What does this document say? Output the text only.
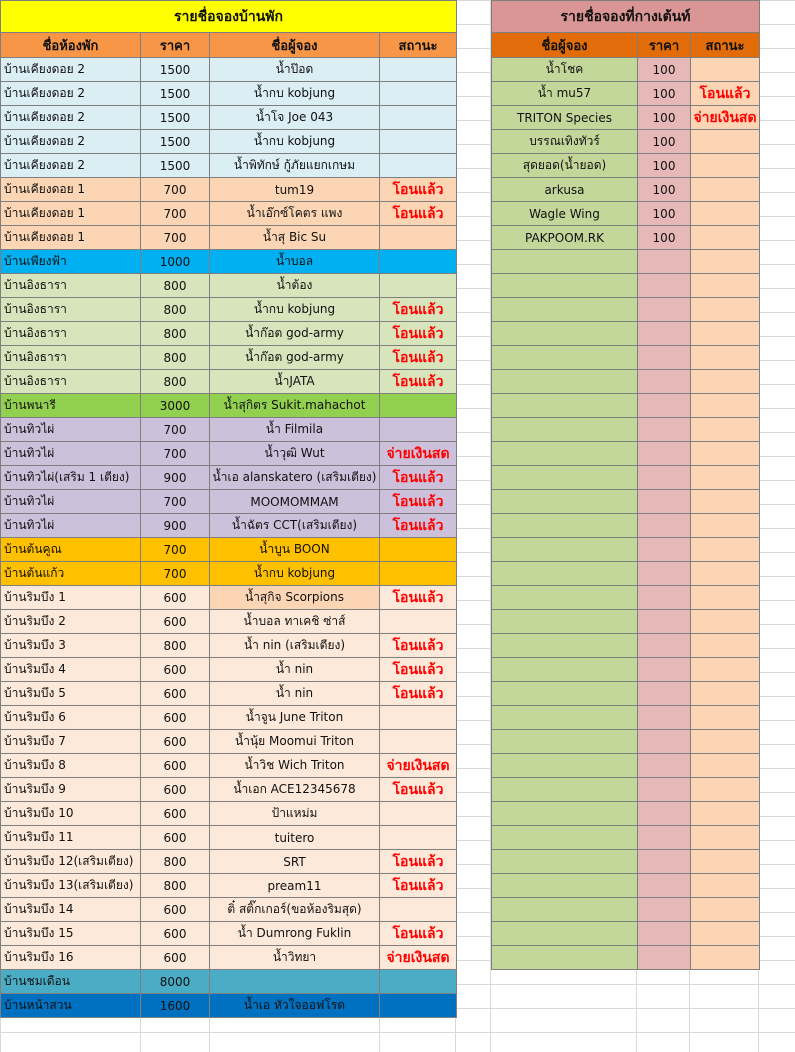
รายชื่อจองบ้านพัก			
ชื่อห้องพัก	ราคา	ชื่อผู้จอง	สถานะ
บ้านเคียงดอย 2	1500	น้ำป๊อด	
บ้านเคียงดอย 2	1500	น้ำกบ kobjung	
บ้านเคียงดอย 2	1500	น้ำโจ Joe 043	
บ้านเคียงดอย 2	1500	น้ำกบ kobjung	
บ้านเคียงดอย 2	1500	น้ำพิทักษ์ กู้ภัยแยกเกษม	
บ้านเคียงดอย 1	700	tum19	โอนแล้ว
บ้านเคียงดอย 1	700	น้ำเอ๊กซ์โคตร แพง	โอนแล้ว
บ้านเคียงดอย 1	700	น้ำสุ Bic Su	
บ้านเพียงฟ้า	1000	น้ำบอล	
บ้านอิงธารา	800	น้ำต้อง	
บ้านอิงธารา	800	น้ำกบ kobjung	โอนแล้ว
บ้านอิงธารา	800	น้ำก๊อต god-army	โอนแล้ว
บ้านอิงธารา	800	น้ำก๊อต god-army	โอนแล้ว
บ้านอิงธารา	800	น้ำJATA	โอนแล้ว
บ้านพนารี	3000	น้ำสุกิตร Sukit.mahachot	
บ้านทิวไผ่	700	น้ำ Filmila	
บ้านทิวไผ่	700	น้ำวุฒิ Wut	จ่ายเงินสด
บ้านทิวไผ่(เสริม 1 เตียง)	900	น้ำเอ alanskatero (เสริมเตียง)	โอนแล้ว
บ้านทิวไผ่	700	MOOMOMMAM	โอนแล้ว
บ้านทิวไผ่	900	น้ำฉัตร CCT(เสริมเตียง)	โอนแล้ว
บ้านต้นคูณ	700	น้ำบูน BOON	
บ้านต้นแก้ว	700	น้ำกบ kobjung	
บ้านริมบึง 1	600	น้ำสุกิจ Scorpions	โอนแล้ว
บ้านริมบึง 2	600	น้ำบอล ทาเคชิ ซ่าส์	
บ้านริมบึง 3	800	น้ำ nin (เสริมเตียง)	โอนแล้ว
บ้านริมบึง 4	600	น้ำ nin	โอนแล้ว
บ้านริมบึง 5	600	น้ำ nin	โอนแล้ว
บ้านริมบึง 6	600	น้ำจูน June Triton	
บ้านริมบึง 7	600	น้ำนุ้ย Moomui Triton	
บ้านริมบึง 8	600	น้ำวิช Wich Triton	จ่ายเงินสด
บ้านริมบึง 9	600	น้ำเอก ACE12345678	โอนแล้ว
บ้านริมบึง 10	600	ป้าแหม่ม	
บ้านริมบึง 11	600	tuitero	
บ้านริมบึง 12(เสริมเตียง)	800	SRT	โอนแล้ว
บ้านริมบึง 13(เสริมเตียง)	800	pream11	โอนแล้ว
บ้านริมบึง 14	600	ติ๋ สติ๊กเกอร์(ขอห้องริมสุด)	
บ้านริมบึง 15	600	น้ำ Dumrong Fuklin	โอนแล้ว
บ้านริมบึง 16	600	น้ำวิทยา	จ่ายเงินสด
บ้านชมเดือน	8000		
บ้านหน้าสวน	1600	น้ำเอ หัวใจออฟโรด	
รายชื่อจองที่กางเต้นท์		
ชื่อผู้จอง	ราคา	สถานะ
น้ำโชค	100	
น้ำ mu57	100	โอนแล้ว
TRITON Species	100	จ่ายเงินสด
บรรณเทิงทัวร์	100	
สุดยอด(น้ำยอด)	100	
arkusa	100	
Wagle Wing	100	
PAKPOOM.RK	100	
